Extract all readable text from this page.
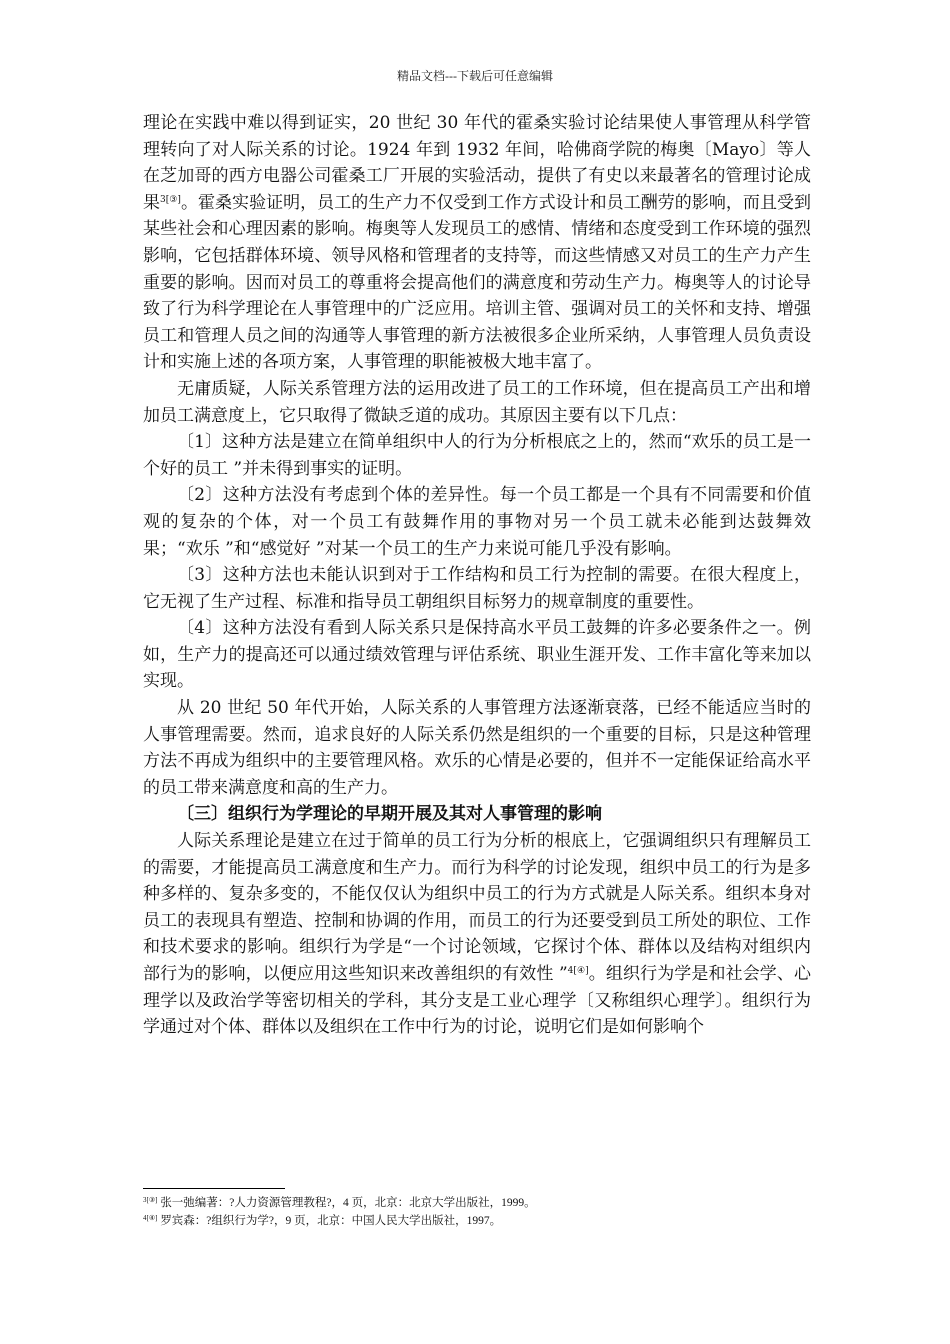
精品文档---下载后可任意编辑

理论在实践中难以得到证实，20 世纪 30 年代的霍桑实验讨论结果使人事管理从科学管理转向了对人际关系的讨论。1924 年到 1932 年间，哈佛商学院的梅奥〔Mayo〕等人在芝加哥的西方电器公司霍桑工厂开展的实验活动，提供了有史以来最著名的管理讨论成果$^{3[③]}$。霍桑实验证明，员工的生产力不仅受到工作方式设计和员工酬劳的影响，而且受到某些社会和心理因素的影响。梅奥等人发现员工的感情、情绪和态度受到工作环境的强烈影响，它包括群体环境、领导风格和管理者的支持等，而这些情感又对员工的生产力产生重要的影响。因而对员工的尊重将会提高他们的满意度和劳动生产力。梅奥等人的讨论导致了行为科学理论在人事管理中的广泛应用。培训主管、强调对员工的关怀和支持、增强员工和管理人员之间的沟通等人事管理的新方法被很多企业所采纳，人事管理人员负责设计和实施上述的各项方案，人事管理的职能被极大地丰富了。

无庸质疑，人际关系管理方法的运用改进了员工的工作环境，但在提高员工产出和增加员工满意度上，它只取得了微缺乏道的成功。其原因主要有以下几点：

〔1〕这种方法是建立在简单组织中人的行为分析根底之上的，然而“欢乐的员工是一个好的员工 ”并未得到事实的证明。

〔2〕这种方法没有考虑到个体的差异性。每一个员工都是一个具有不同需要和价值观的复杂的个体，对一个员工有鼓舞作用的事物对另一个员工就未必能到达鼓舞效果；“欢乐 ”和“感觉好 ”对某一个员工的生产力来说可能几乎没有影响。

〔3〕这种方法也未能认识到对于工作结构和员工行为控制的需要。在很大程度上，它无视了生产过程、标准和指导员工朝组织目标努力的规章制度的重要性。

〔4〕这种方法没有看到人际关系只是保持高水平员工鼓舞的许多必要条件之一。例如，生产力的提高还可以通过绩效管理与评估系统、职业生涯开发、工作丰富化等来加以实现。

从 20 世纪 50 年代开始，人际关系的人事管理方法逐渐衰落，已经不能适应当时的人事管理需要。然而，追求良好的人际关系仍然是组织的一个重要的目标，只是这种管理方法不再成为组织中的主要管理风格。欢乐的心情是必要的，但并不一定能保证给高水平的员工带来满意度和高的生产力。

〔三〕组织行为学理论的早期开展及其对人事管理的影响

人际关系理论是建立在过于简单的员工行为分析的根底上，它强调组织只有理解员工的需要，才能提高员工满意度和生产力。而行为科学的讨论发现，组织中员工的行为是多种多样的、复杂多变的，不能仅仅认为组织中员工的行为方式就是人际关系。组织本身对员工的表现具有塑造、控制和协调的作用，而员工的行为还要受到员工所处的职位、工作和技术要求的影响。组织行为学是“一个讨论领域，它探讨个体、群体以及结构对组织内部行为的影响，以便应用这些知识来改善组织的有效性 ”$^{4[④]}$。组织行为学是和社会学、心理学以及政治学等密切相关的学科，其分支是工业心理学〔又称组织心理学〕。组织行为学通过对个体、群体以及组织在工作中行为的讨论，说明它们是如何影响个

$^{3[③]}$ 张一弛编著：?人力资源管理教程?，4 页，北京：北京大学出版社，1999。
$^{4[④]}$ 罗宾森：?组织行为学?，9 页，北京：中国人民大学出版社，1997。
